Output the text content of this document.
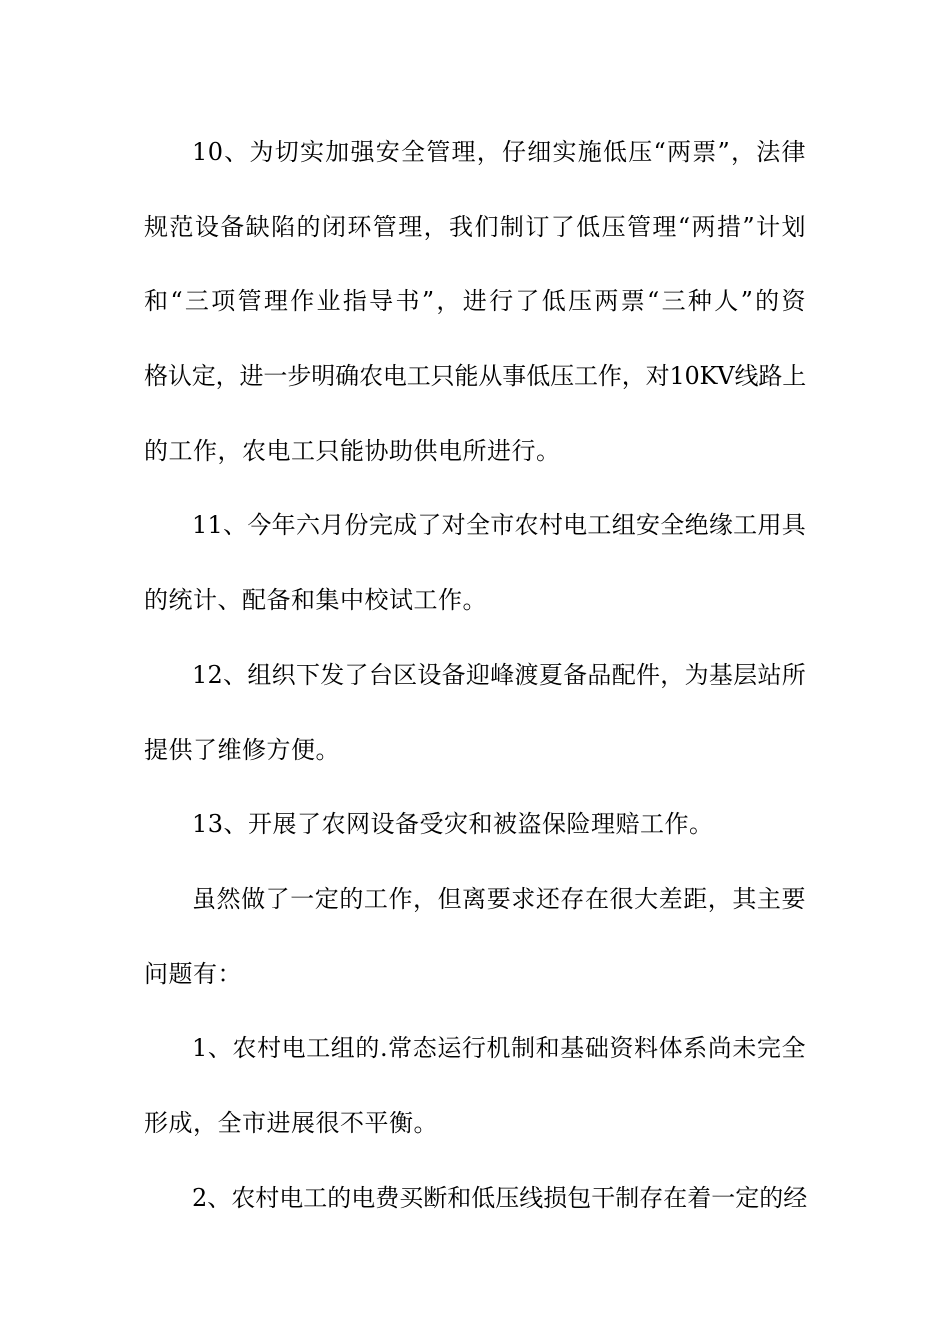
10、为切实加强安全管理，仔细实施低压“两票”，法律
规范设备缺陷的闭环管理，我们制订了低压管理“两措”计划
和“三项管理作业指导书”，进行了低压两票“三种人”的资
格认定，进一步明确农电工只能从事低压工作，对10KV线路上
的工作，农电工只能协助供电所进行。
11、今年六月份完成了对全市农村电工组安全绝缘工用具
的统计、配备和集中校试工作。
12、组织下发了台区设备迎峰渡夏备品配件，为基层站所
提供了维修方便。
13、开展了农网设备受灾和被盗保险理赔工作。
虽然做了一定的工作，但离要求还存在很大差距，其主要
问题有：
1、农村电工组的.常态运行机制和基础资料体系尚未完全
形成，全市进展很不平衡。
2、农村电工的电费买断和低压线损包干制存在着一定的经
